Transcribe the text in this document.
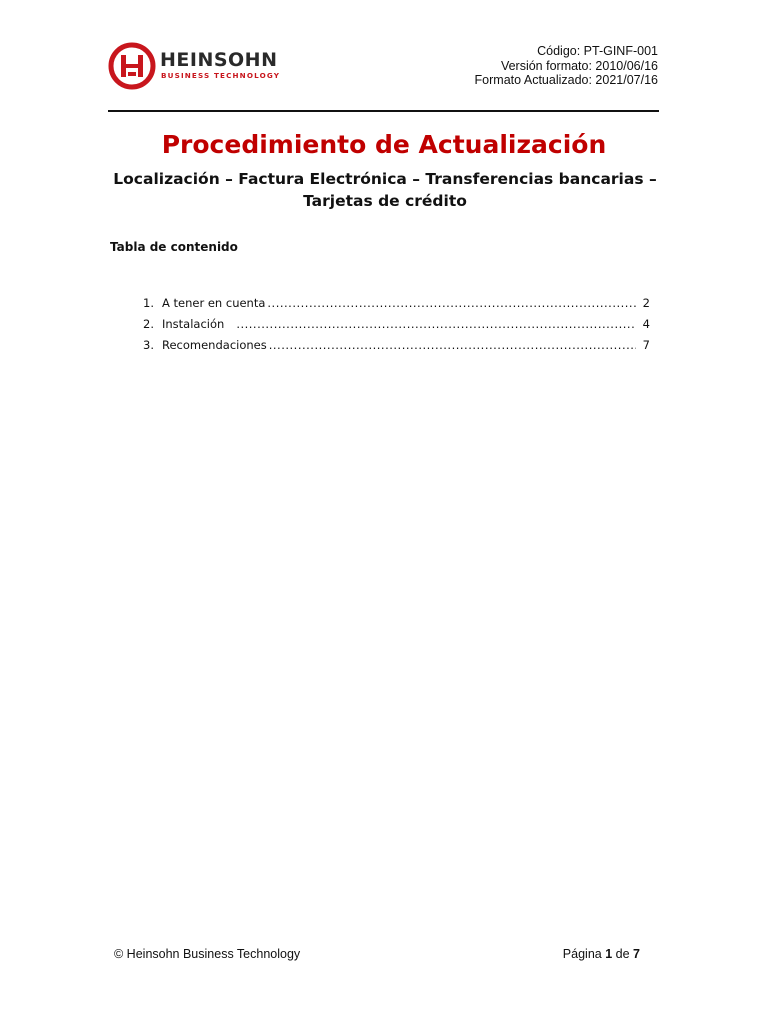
HEINSOHN
BUSINESS TECHNOLOGY
Código: PT-GINF-001
Versión formato: 2010/06/16
Formato Actualizado: 2021/07/16
Procedimiento de Actualización
Localización – Factura Electrónica – Transferencias bancarias –
Tarjetas de crédito
Tabla de contenido
1. A tener en cuenta .....	2
2. Instalación .....	4
3. Recomendaciones .....	7
© Heinsohn Business Technology	Página 1 de 7
